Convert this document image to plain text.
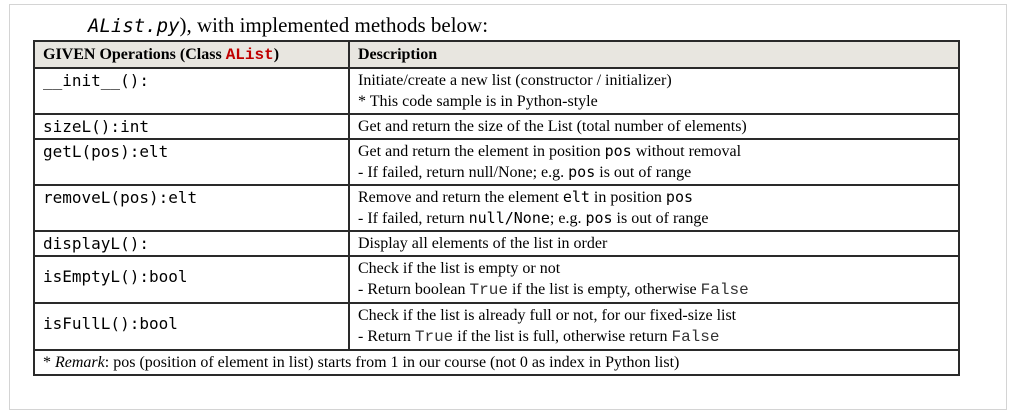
AList.py), with implemented methods below:
GIVEN Operations (Class AList)	Description
__init__():	Initiate/create a new list (constructor / initializer)
* This code sample is in Python-style

sizeL():int	Get and return the size of the List (total number of elements)

getL(pos):elt	Get and return the element in position pos without removal
- If failed, return null/None; e.g. pos is out of range

removeL(pos):elt	Remove and return the element elt in position pos
- If failed, return null/None; e.g. pos is out of range

displayL():	Display all elements of the list in order

isEmptyL():bool	Check if the list is empty or not
- Return boolean True if the list is empty, otherwise False

isFullL():bool	Check if the list is already full or not, for our fixed-size list
- Return True if the list is full, otherwise return False

* Remark: pos (position of element in list) starts from 1 in our course (not 0 as index in Python list)	
